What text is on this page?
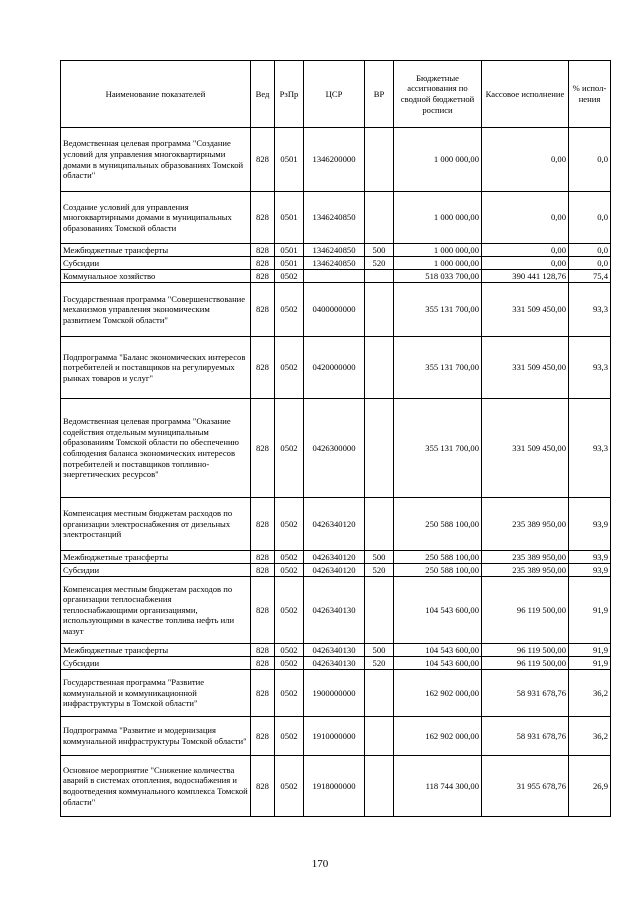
Наименование показателей	Вед	РзПр	ЦСР	ВР	Бюджетные ассигнования по сводной бюджетной росписи	Кассовое исполнение	% испол-нения
Ведомственная целевая программа "Создание условий для управления многоквартирными домами в муниципальных образованиях Томской области"	828	0501	1346200000		1 000 000,00	0,00	0,0
Создание условий для управления многоквартирными домами в муниципальных образованиях Томской области	828	0501	1346240850		1 000 000,00	0,00	0,0
Межбюджетные трансферты	828	0501	1346240850	500	1 000 000,00	0,00	0,0
Субсидии	828	0501	1346240850	520	1 000 000,00	0,00	0,0
Коммунальное хозяйство	828	0502			518 033 700,00	390 441 128,76	75,4
Государственная программа "Совершенствование механизмов управления экономическим развитием Томской области"	828	0502	0400000000		355 131 700,00	331 509 450,00	93,3
Подпрограмма "Баланс экономических интересов потребителей и поставщиков на регулируемых рынках товаров и услуг"	828	0502	0420000000		355 131 700,00	331 509 450,00	93,3
Ведомственная целевая программа "Оказание содействия отдельным муниципальным образованиям Томской области по обеспечению соблюдения баланса экономических интересов потребителей и поставщиков топливно-энергетических ресурсов"	828	0502	0426300000		355 131 700,00	331 509 450,00	93,3
Компенсация местным бюджетам расходов по организации электроснабжения от дизельных электростанций	828	0502	0426340120		250 588 100,00	235 389 950,00	93,9
Межбюджетные трансферты	828	0502	0426340120	500	250 588 100,00	235 389 950,00	93,9
Субсидии	828	0502	0426340120	520	250 588 100,00	235 389 950,00	93,9
Компенсация местным бюджетам расходов по организации теплоснабжения теплоснабжающими организациями, использующими в качестве топлива нефть или мазут	828	0502	0426340130		104 543 600,00	96 119 500,00	91,9
Межбюджетные трансферты	828	0502	0426340130	500	104 543 600,00	96 119 500,00	91,9
Субсидии	828	0502	0426340130	520	104 543 600,00	96 119 500,00	91,9
Государственная программа "Развитие коммунальной и коммуникационной инфраструктуры в Томской области"	828	0502	1900000000		162 902 000,00	58 931 678,76	36,2
Подпрограмма "Развитие и модернизация коммунальной инфраструктуры Томской области"	828	0502	1910000000		162 902 000,00	58 931 678,76	36,2
Основное мероприятие "Снижение количества аварий в системах отопления, водоснабжения и водоотведения коммунального комплекса Томской области"	828	0502	1918000000		118 744 300,00	31 955 678,76	26,9
170
